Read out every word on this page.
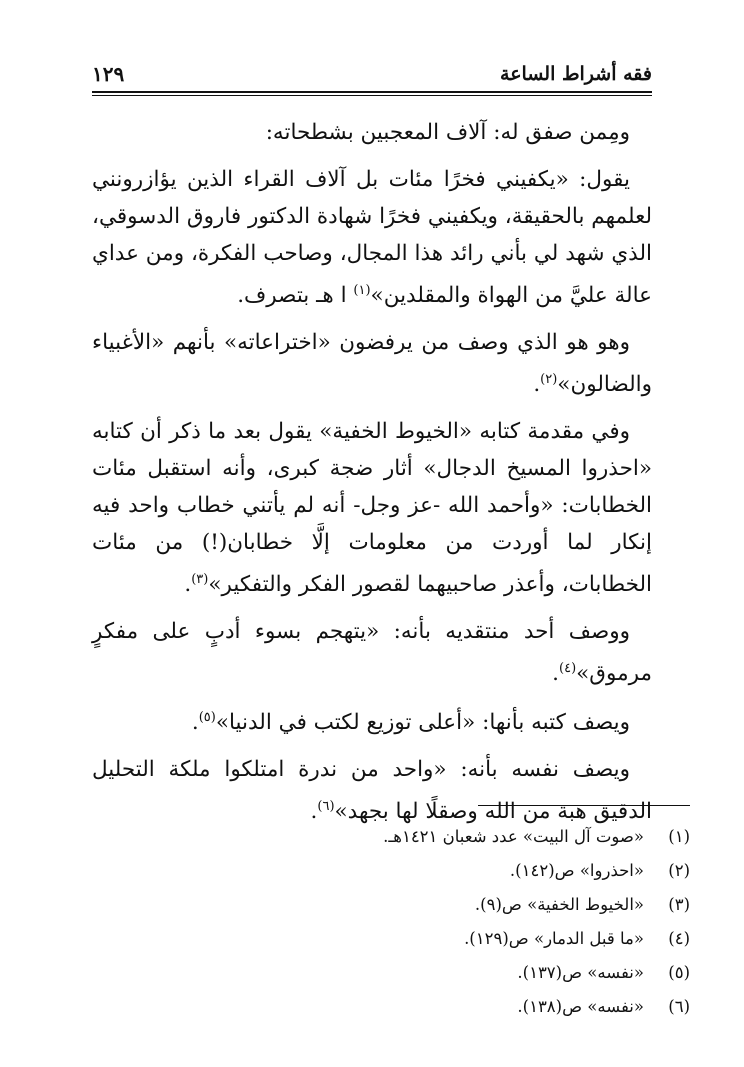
فقه أشراط الساعة
١٢٩

ومِمن صفق له: آلاف المعجبين بشطحاته:

يقول: «يكفيني فخرًا مئات بل آلاف القراء الذين يؤازرونني لعلمهم بالحقيقة، ويكفيني فخرًا شهادة الدكتور فاروق الدسوقي، الذي شهد لي بأني رائد هذا المجال، وصاحب الفكرة، ومن عداي عالة عليَّ من الهواة والمقلدين»$^{(١)}$ ا هـ بتصرف.

وهو هو الذي وصف من يرفضون «اختراعاته» بأنهم «الأغبياء والضالون»$^{(٢)}$.

وفي مقدمة كتابه «الخيوط الخفية» يقول بعد ما ذكر أن كتابه «احذروا المسيخ الدجال» أثار ضجة كبرى، وأنه استقبل مئات الخطابات: «وأحمد الله -عز وجل- أنه لم يأتني خطاب واحد فيه إنكار لما أوردت من معلومات إلَّا خطابان(!) من مئات الخطابات، وأعذر صاحبيهما لقصور الفكر والتفكير»$^{(٣)}$.

ووصف أحد منتقديه بأنه: «يتهجم بسوء أدبٍ على مفكرٍ مرموق»$^{(٤)}$.

ويصف كتبه بأنها: «أعلى توزيع لكتب في الدنيا»$^{(٥)}$.

ويصف نفسه بأنه: «واحد من ندرة امتلكوا ملكة التحليل الدقيق هبة من الله وصقلًا لها بجهد»$^{(٦)}$.

(١)
«صوت آل البيت» عدد شعبان ١٤٢١هـ.
(٢)
«احذروا» ص(١٤٢).
(٣)
«الخيوط الخفية» ص(٩).
(٤)
«ما قبل الدمار» ص(١٢٩).
(٥)
«نفسه» ص(١٣٧).
(٦)
«نفسه» ص(١٣٨).
